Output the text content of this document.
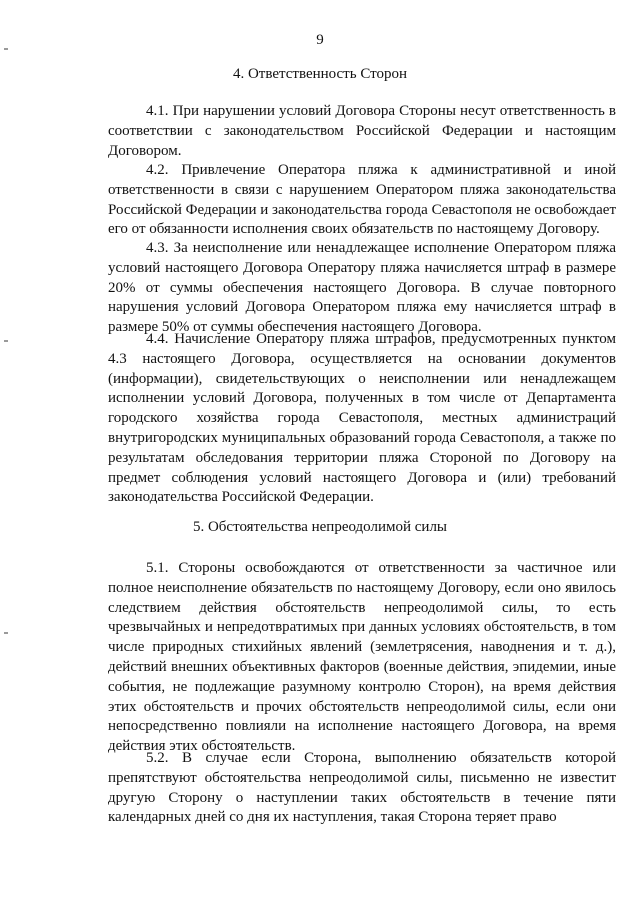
9
4. Ответственность Сторон
4.1. При нарушении условий Договора Стороны несут ответственность в соответствии с законодательством Российской Федерации и настоящим Договором.
4.2. Привлечение Оператора пляжа к административной и иной ответственности в связи с нарушением Оператором пляжа законодательства Российской Федерации и законодательства города Севастополя не освобождает его от обязанности исполнения своих обязательств по настоящему Договору.
4.3. За неисполнение или ненадлежащее исполнение Оператором пляжа условий настоящего Договора Оператору пляжа начисляется штраф в размере 20% от суммы обеспечения настоящего Договора. В случае повторного нарушения условий Договора Оператором пляжа ему начисляется штраф в размере 50% от суммы обеспечения настоящего Договора.
4.4. Начисление Оператору пляжа штрафов, предусмотренных пунктом 4.3 настоящего Договора, осуществляется на основании документов (информации), свидетельствующих о неисполнении или ненадлежащем исполнении условий Договора, полученных в том числе от Департамента городского хозяйства города Севастополя, местных администраций внутригородских муниципальных образований города Севастополя, а также по результатам обследования территории пляжа Стороной по Договору на предмет соблюдения условий настоящего Договора и (или) требований законодательства Российской Федерации.
5. Обстоятельства непреодолимой силы
5.1. Стороны освобождаются от ответственности за частичное или полное неисполнение обязательств по настоящему Договору, если оно явилось следствием действия обстоятельств непреодолимой силы, то есть чрезвычайных и непредотвратимых при данных условиях обстоятельств, в том числе природных стихийных явлений (землетрясения, наводнения и т. д.), действий внешних объективных факторов (военные действия, эпидемии, иные события, не подлежащие разумному контролю Сторон), на время действия этих обстоятельств и прочих обстоятельств непреодолимой силы, если они непосредственно повлияли на исполнение настоящего Договора, на время действия этих обстоятельств.
5.2. В случае если Сторона, выполнению обязательств которой препятствуют обстоятельства непреодолимой силы, письменно не известит другую Сторону о наступлении таких обстоятельств в течение пяти календарных дней со дня их наступления, такая Сторона теряет право
